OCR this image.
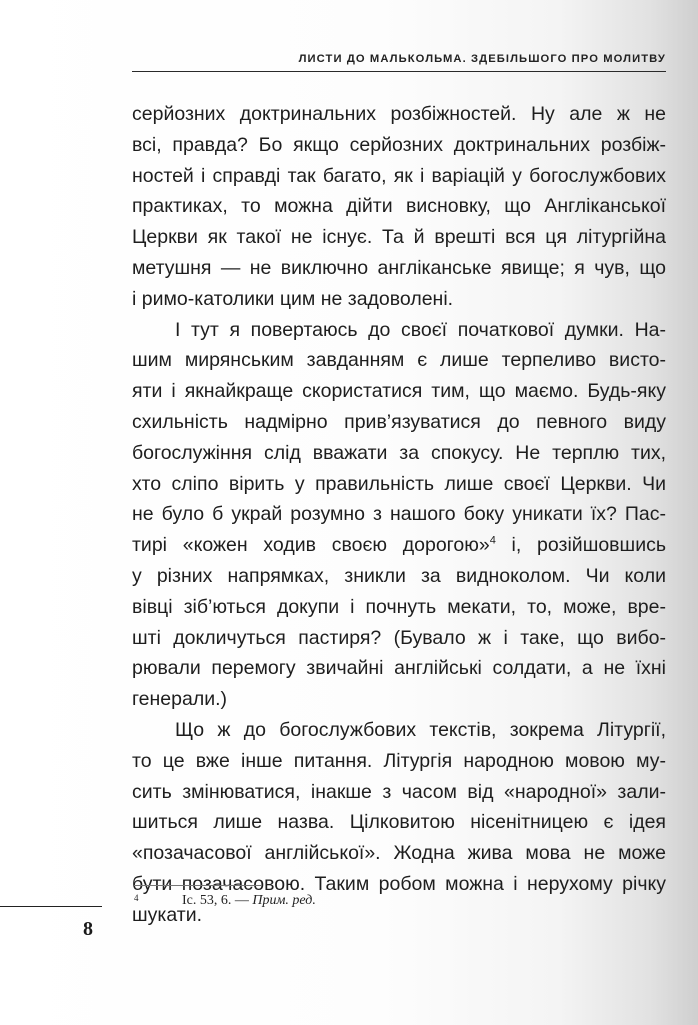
ЛИСТИ ДО МАЛЬКОЛЬМА. ЗДЕБІЛЬШОГО ПРО МОЛИТВУ
серйозних доктринальних розбіжностей. Ну але ж не
всі, правда? Бо якщо серйозних доктринальних розбіж-
ностей і справді так багато, як і варіацій у богослужбових
практиках, то можна дійти висновку, що Англіканської
Церкви як такої не існує. Та й врешті вся ця літургійна
метушня — не виключно англіканське явище; я чув, що
і римо-католики цим не задоволені.
І тут я повертаюсь до своєї початкової думки. На-
шим мирянським завданням є лише терпеливо висто-
яти і якнайкраще скористатися тим, що маємо. Будь-яку
схильність надмірно прив’язуватися до певного виду
богослужіння слід вважати за спокусу. Не терплю тих,
хто сліпо вірить у правильність лише своєї Церкви. Чи
не було б украй розумно з нашого боку уникати їх? Пас-
тирі «кожен ходив своєю дорогою»$^4$ і, розійшовшись
у різних напрямках, зникли за видноколом. Чи коли
вівці зіб’ються докупи і почнуть мекати, то, може, вре-
шті докличуться пастиря? (Бувало ж і таке, що вибо-
рювали перемогу звичайні англійські солдати, а не їхні
генерали.)
Що ж до богослужбових текстів, зокрема Літургії,
то це вже інше питання. Літургія народною мовою му-
сить змінюватися, інакше з часом від «народної» зали-
шиться лише назва. Цілковитою нісенітницею є ідея
«позачасової англійської». Жодна жива мова не може
бути позачасовою. Таким робом можна і нерухому річку
шукати.
4	Іс. 53, 6. — Прим. ред.
8
